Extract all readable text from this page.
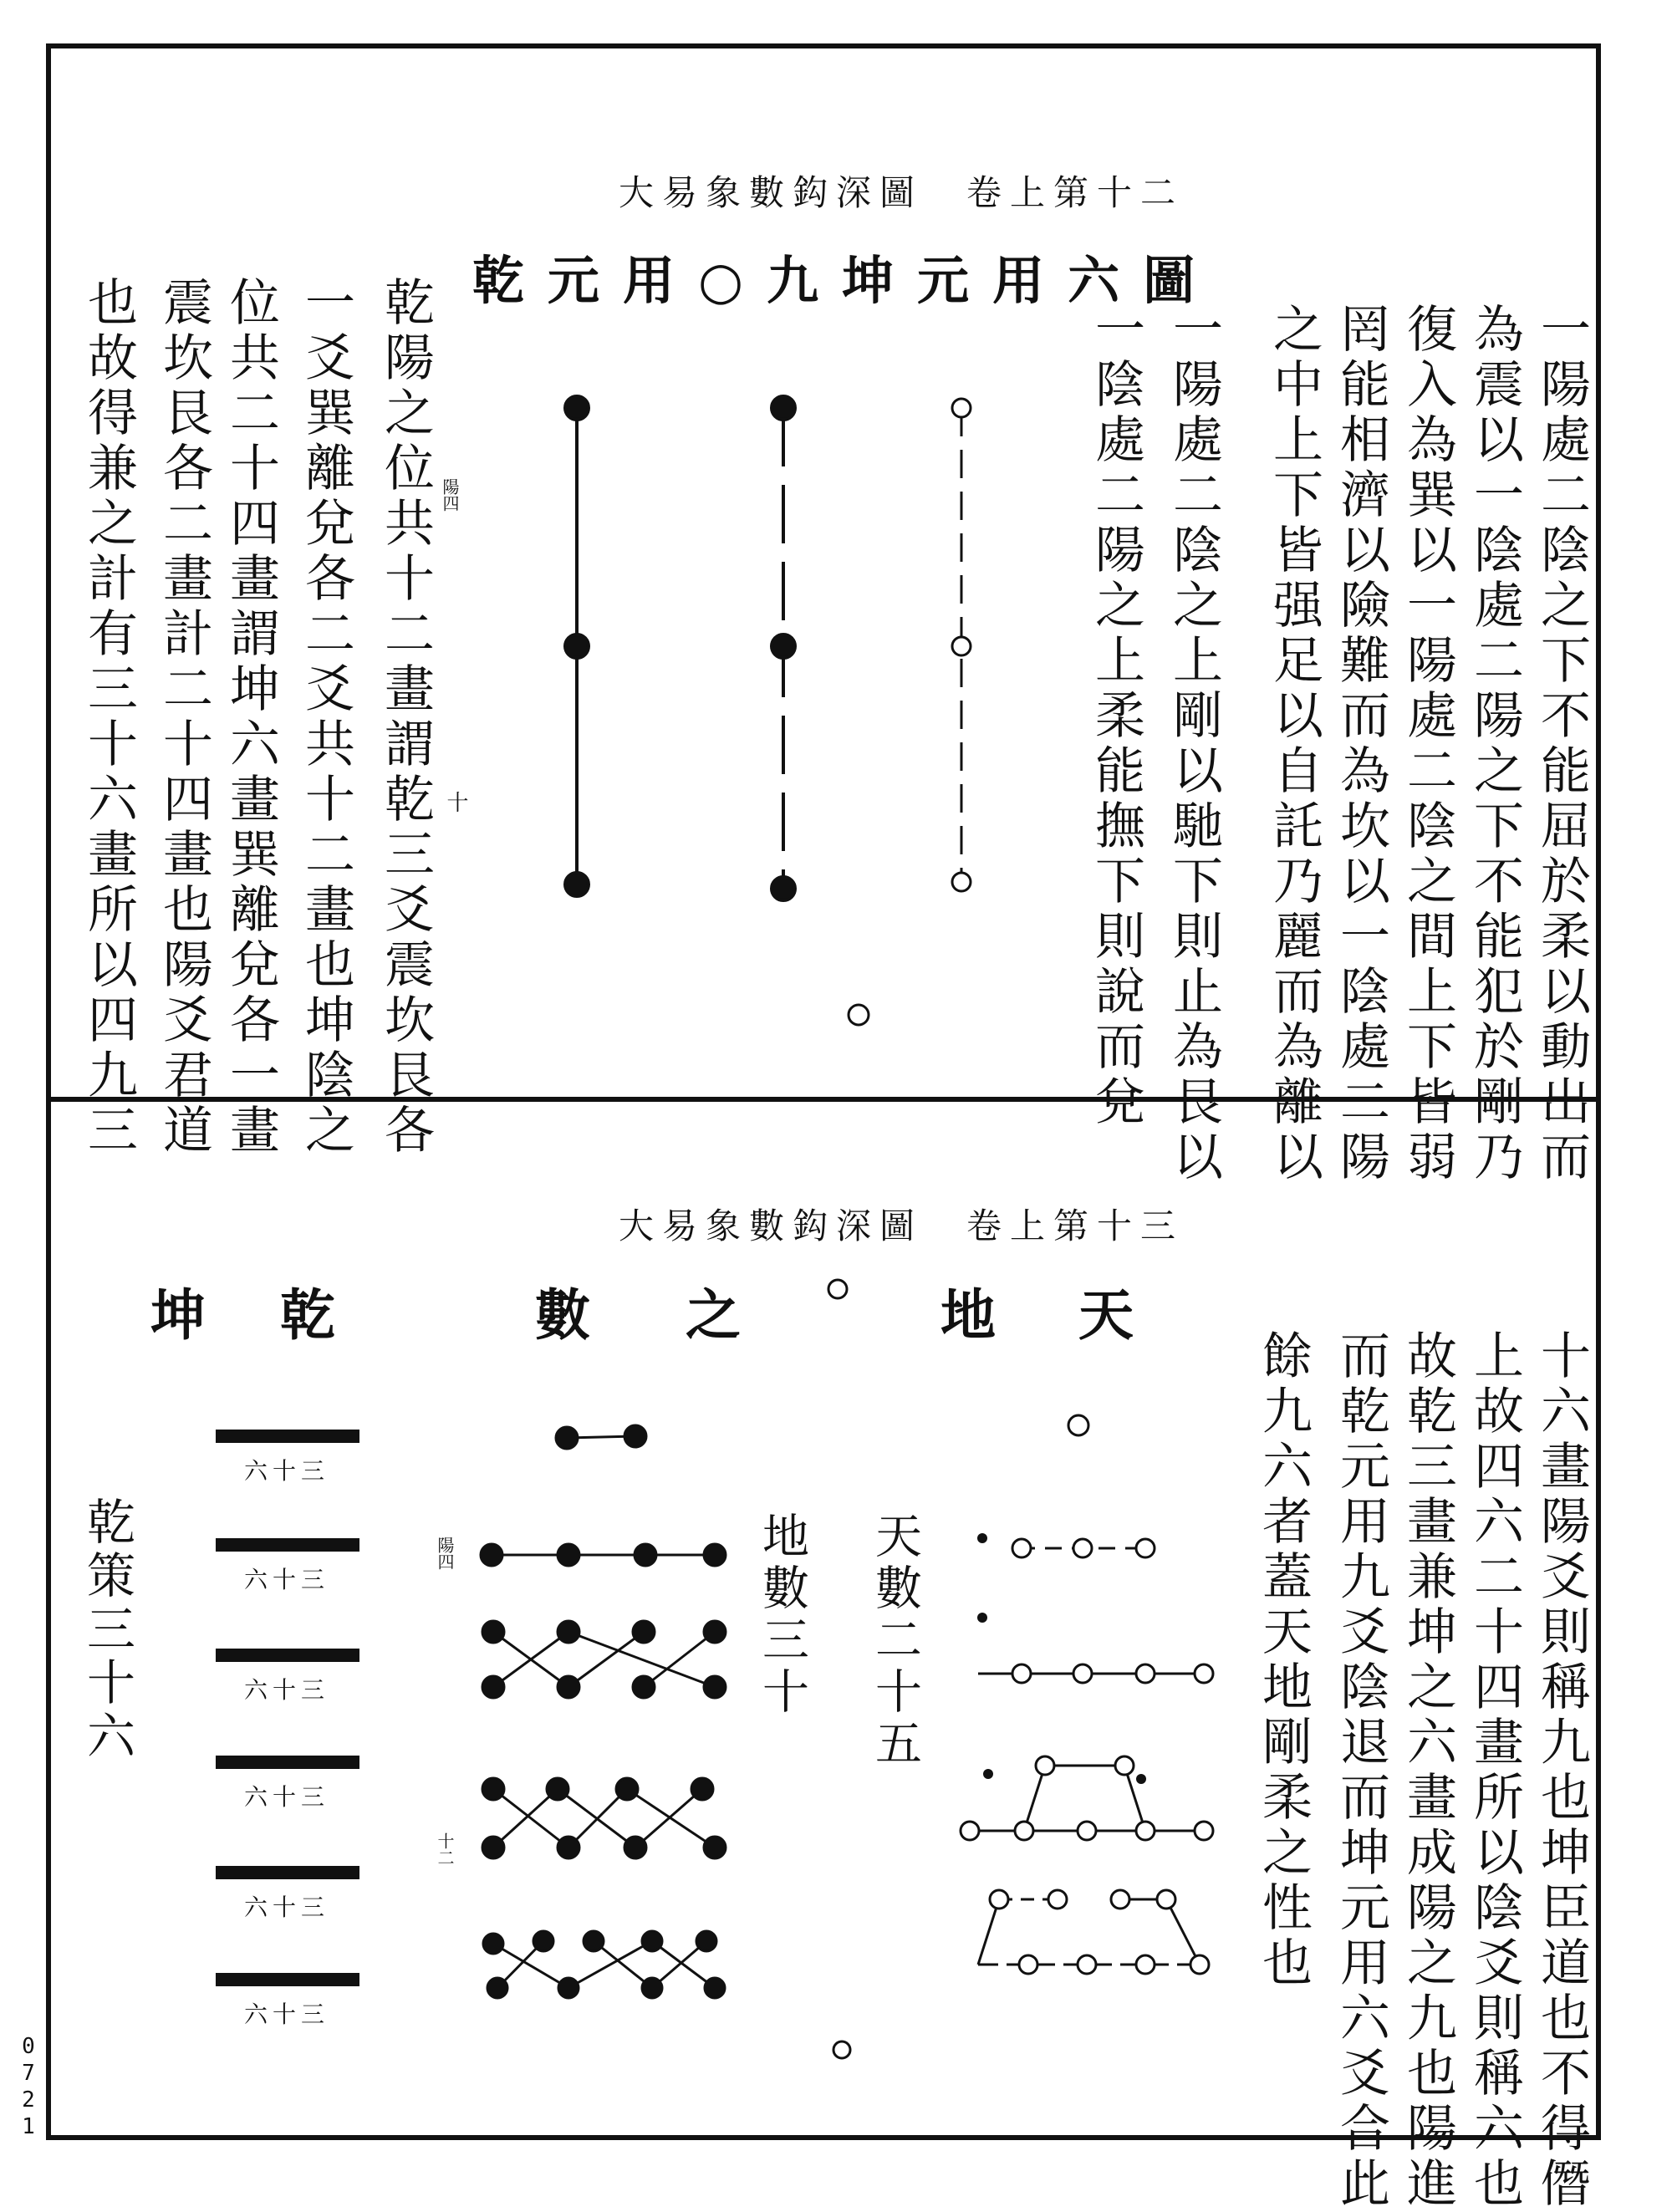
大易象數鈎深圖　卷上第十二
乾元用○九坤元用六圖
一陽處二陰之下不能屈於柔以動出而
為震以一陰處二陽之下不能犯於剛乃
復入為巽以一陽處二陰之間上下皆弱
罔能相濟以險難而為坎以一陰處二陽
之中上下皆强足以自託乃麗而為離以
一陽處二陰之上剛以馳下則止為艮以
一陰處二陽之上柔能撫下則說而兌
乾陽之位共十二畫謂乾三爻震坎艮各
一爻巽離兌各二爻共十二畫也坤陰之
位共二十四畫謂坤六畫巽離兌各一畫
震坎艮各二畫計二十四畫也陽爻君道
也故得兼之計有三十六畫所以四九三	陽四
十
大易象數鈎深圖　卷上第十三
乾
坤	數 之	天
地
乾策三十六
六十三
六十三
六十三
六十三
六十三
六十三
地數三十 天數二十五
陽四
十二	十六畫陽爻則稱九也坤臣道也不得僭
上故四六二十四畫所以陰爻則稱六也
故乾三畫兼坤之六畫成陽之九也陽進
而乾元用九爻陰退而坤元用六爻合此
餘九六者蓋天地剛柔之性也
0
7
2
1
